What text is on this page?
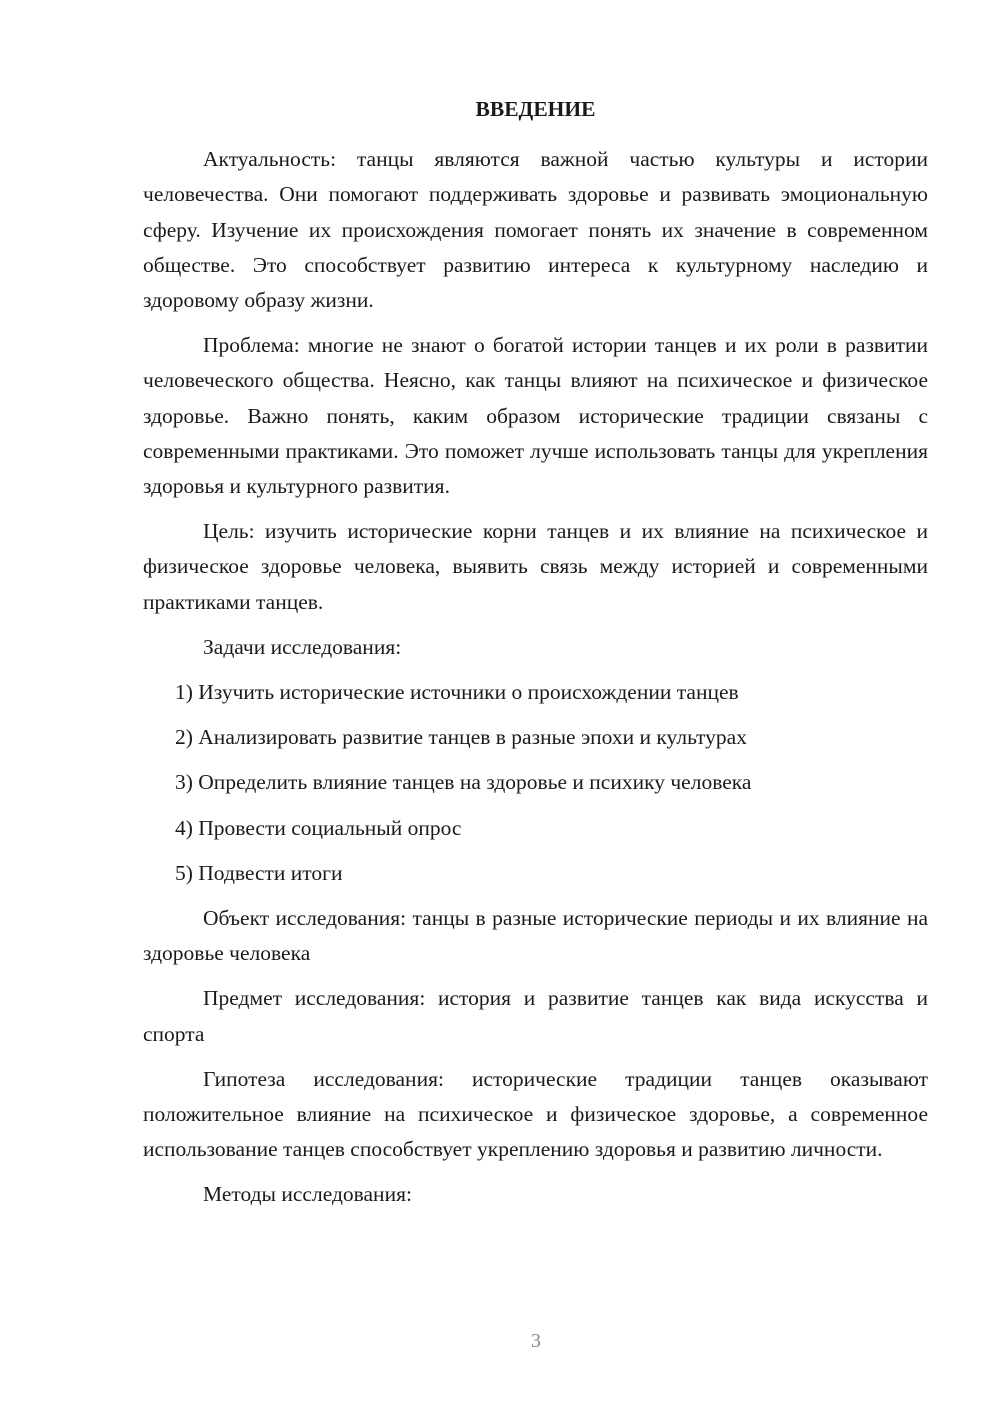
ВВЕДЕНИЕ

Актуальность: танцы являются важной частью культуры и истории человечества. Они помогают поддерживать здоровье и развивать эмоциональную сферу. Изучение их происхождения помогает понять их значение в современном обществе. Это способствует развитию интереса к культурному наследию и здоровому образу жизни.

Проблема: многие не знают о богатой истории танцев и их роли в развитии человеческого общества. Неясно, как танцы влияют на психическое и физическое здоровье. Важно понять, каким образом исторические традиции связаны с современными практиками. Это поможет лучше использовать танцы для укрепления здоровья и культурного развития.

Цель: изучить исторические корни танцев и их влияние на психическое и физическое здоровье человека, выявить связь между историей и современными практиками танцев.

Задачи исследования:

1) Изучить исторические источники о происхождении танцев
2) Анализировать развитие танцев в разные эпохи и культурах
3) Определить влияние танцев на здоровье и психику человека
4) Провести социальный опрос
5) Подвести итоги

Объект исследования: танцы в разные исторические периоды и их влияние на здоровье человека

Предмет исследования: история и развитие танцев как вида искусства и спорта

Гипотеза исследования: исторические традиции танцев оказывают положительное влияние на психическое и физическое здоровье, а современное использование танцев способствует укреплению здоровья и развитию личности.

Методы исследования:

3
